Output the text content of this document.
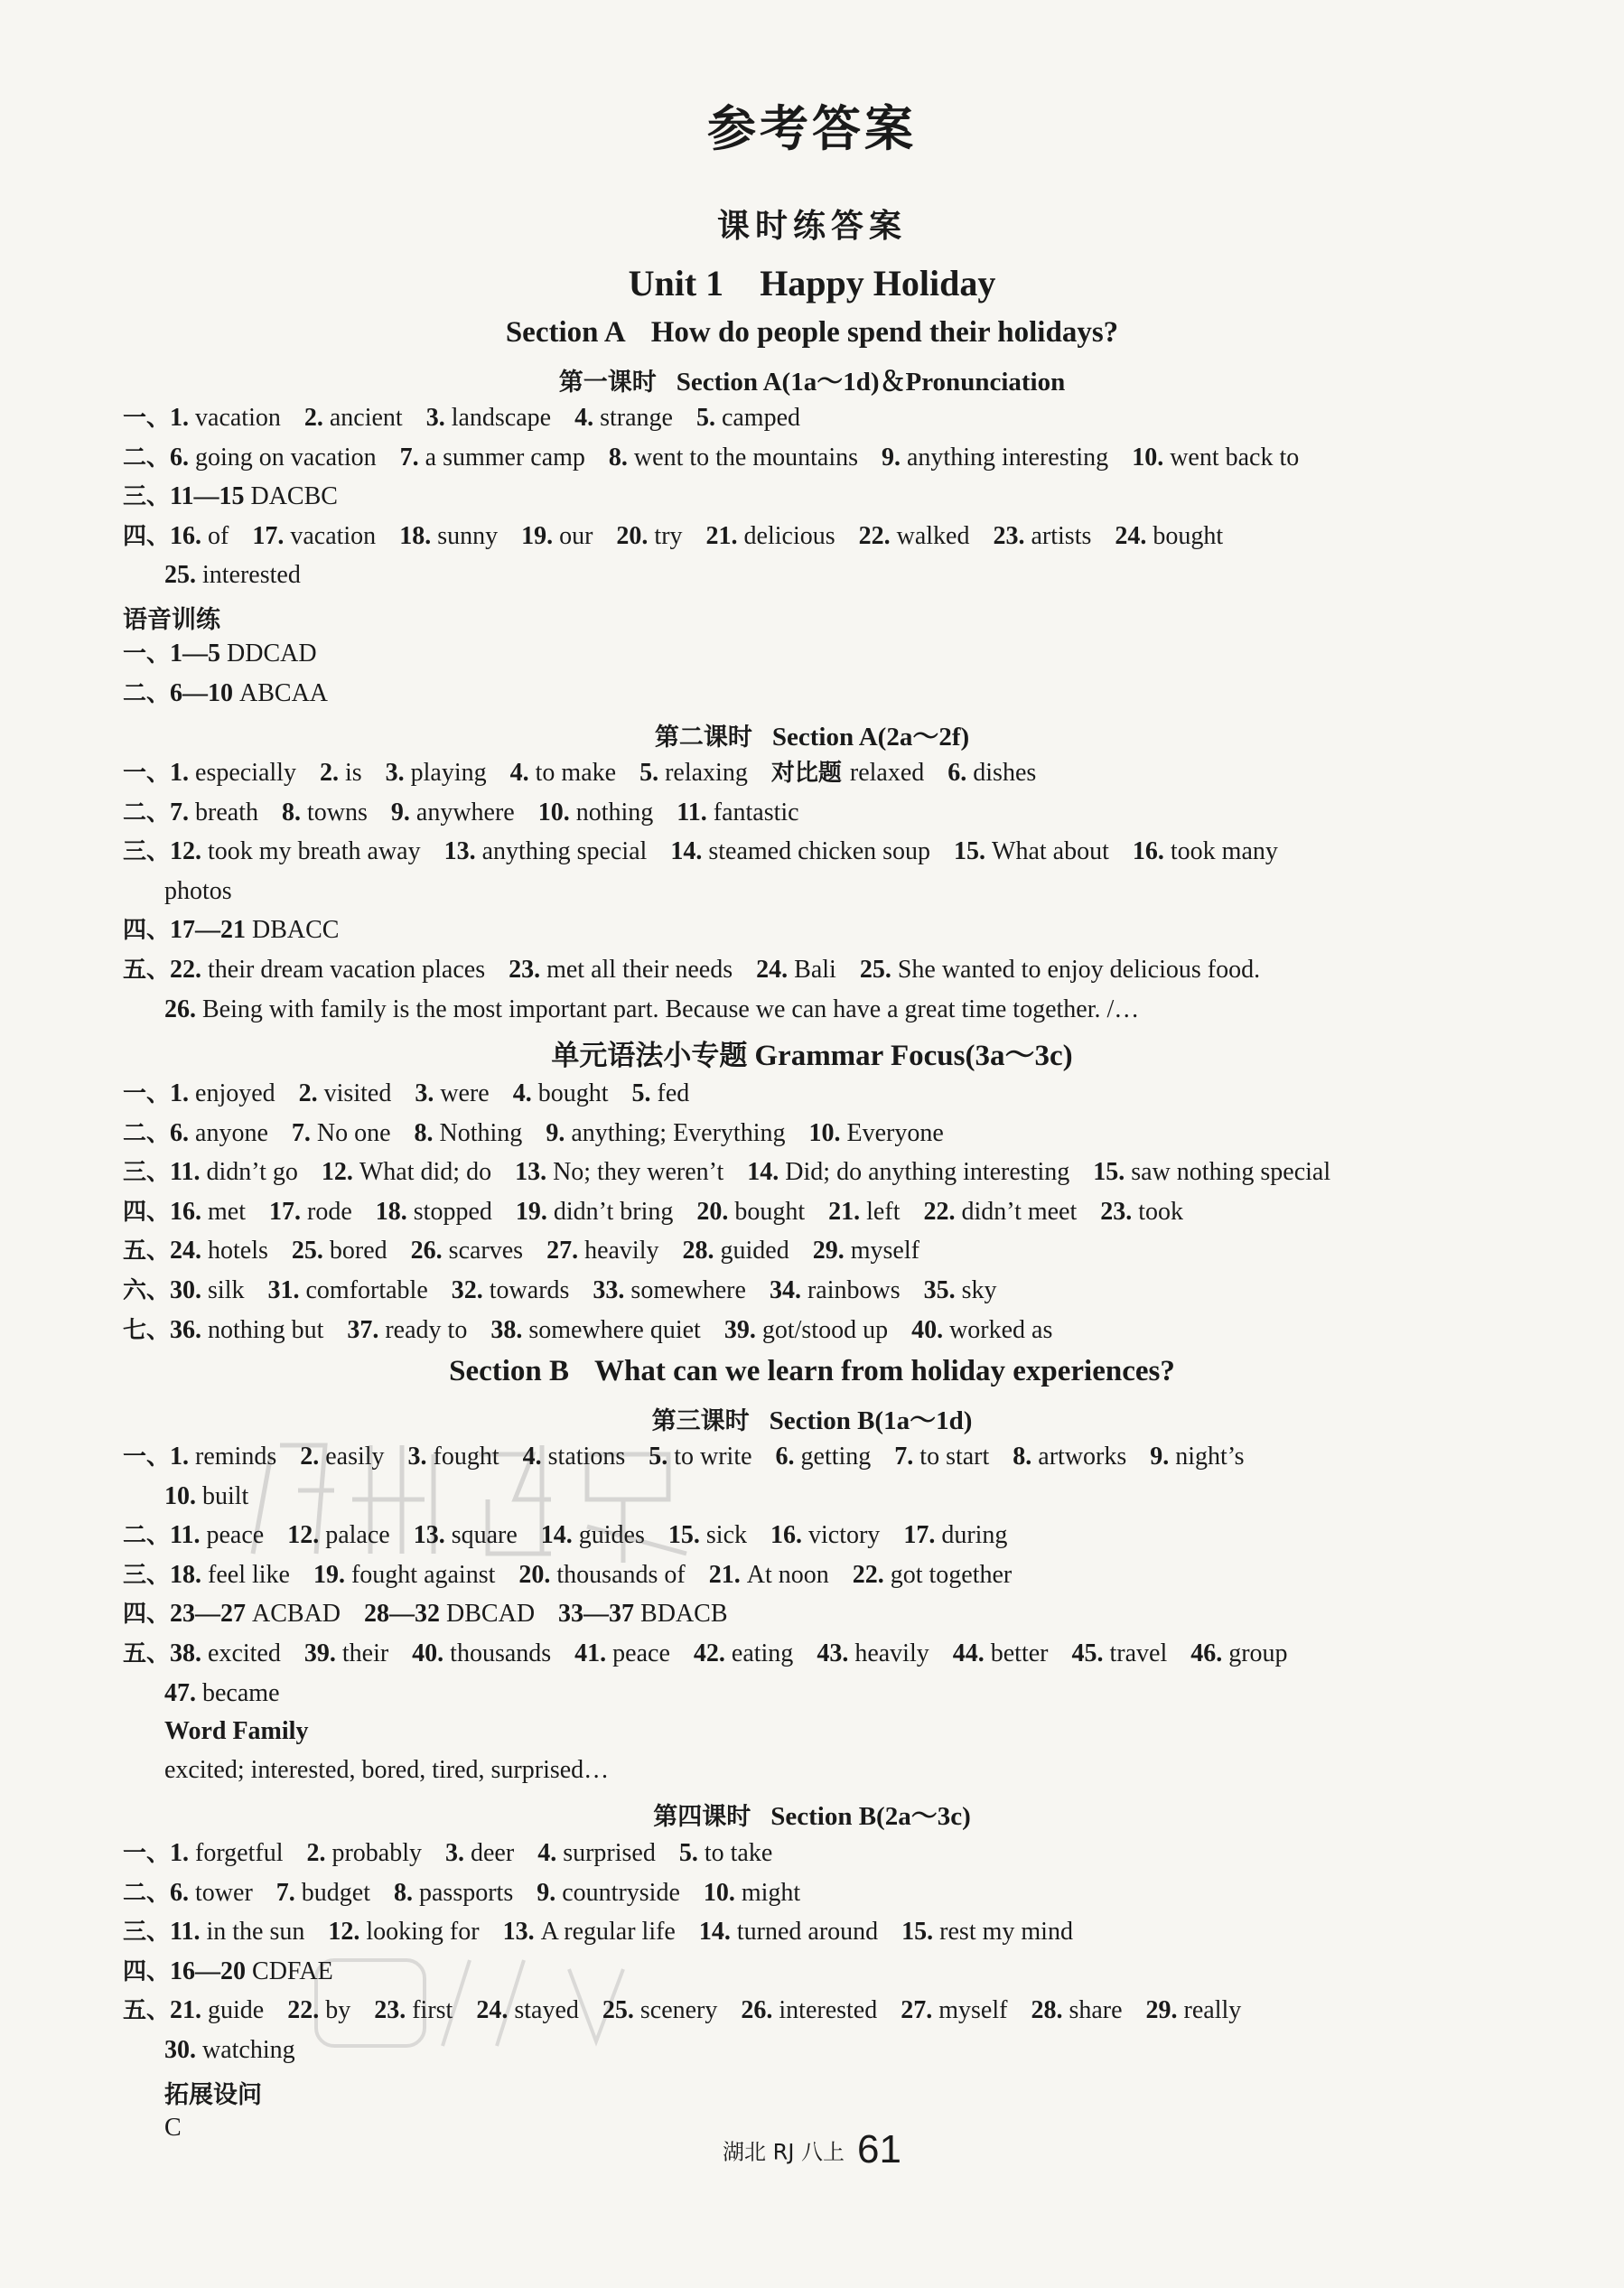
参考答案
课时练答案
Unit 1 Happy Holiday
Section A How do people spend their holidays?
第一课时 Section A(1a～1d)＆Pronunciation
语音训练
第二课时 Section A(2a～2f)
单元语法小专题 Grammar Focus(3a～3c)
Section B What can we learn from holiday experiences?
第三课时 Section B(1a～1d)
Word Family
excited; interested, bored, tired, surprised…
第四课时 Section B(2a～3c)
拓展设问
C
湖北 RJ 八上 61
一、1. vacation 2. ancient 3. landscape 4. strange 5. camped
二、6. going on vacation 7. a summer camp 8. went to the mountains 9. anything interesting 10. went back to
三、11—15 DACBC
四、16. of 17. vacation 18. sunny 19. our 20. try 21. delicious 22. walked 23. artists 24. bought
25. interested
一、1—5 DDCAD
二、6—10 ABCAA
一、1. especially 2. is 3. playing 4. to make 5. relaxing 对比题 relaxed 6. dishes
二、7. breath 8. towns 9. anywhere 10. nothing 11. fantastic
三、12. took my breath away 13. anything special 14. steamed chicken soup 15. What about 16. took many
photos
四、17—21 DBACC
五、22. their dream vacation places 23. met all their needs 24. Bali 25. She wanted to enjoy delicious food.
26. Being with family is the most important part. Because we can have a great time together. /…
一、1. enjoyed 2. visited 3. were 4. bought 5. fed
二、6. anyone 7. No one 8. Nothing 9. anything; Everything 10. Everyone
三、11. didn’t go 12. What did; do 13. No; they weren’t 14. Did; do anything interesting 15. saw nothing special
四、16. met 17. rode 18. stopped 19. didn’t bring 20. bought 21. left 22. didn’t meet 23. took
五、24. hotels 25. bored 26. scarves 27. heavily 28. guided 29. myself
六、30. silk 31. comfortable 32. towards 33. somewhere 34. rainbows 35. sky
七、36. nothing but 37. ready to 38. somewhere quiet 39. got/stood up 40. worked as
一、1. reminds 2. easily 3. fought 4. stations 5. to write 6. getting 7. to start 8. artworks 9. night’s
10. built
二、11. peace 12. palace 13. square 14. guides 15. sick 16. victory 17. during
三、18. feel like 19. fought against 20. thousands of 21. At noon 22. got together
四、23—27 ACBAD 28—32 DBCAD 33—37 BDACB
五、38. excited 39. their 40. thousands 41. peace 42. eating 43. heavily 44. better 45. travel 46. group
47. became
一、1. forgetful 2. probably 3. deer 4. surprised 5. to take
二、6. tower 7. budget 8. passports 9. countryside 10. might
三、11. in the sun 12. looking for 13. A regular life 14. turned around 15. rest my mind
四、16—20 CDFAE
五、21. guide 22. by 23. first 24. stayed 25. scenery 26. interested 27. myself 28. share 29. really
30. watching
